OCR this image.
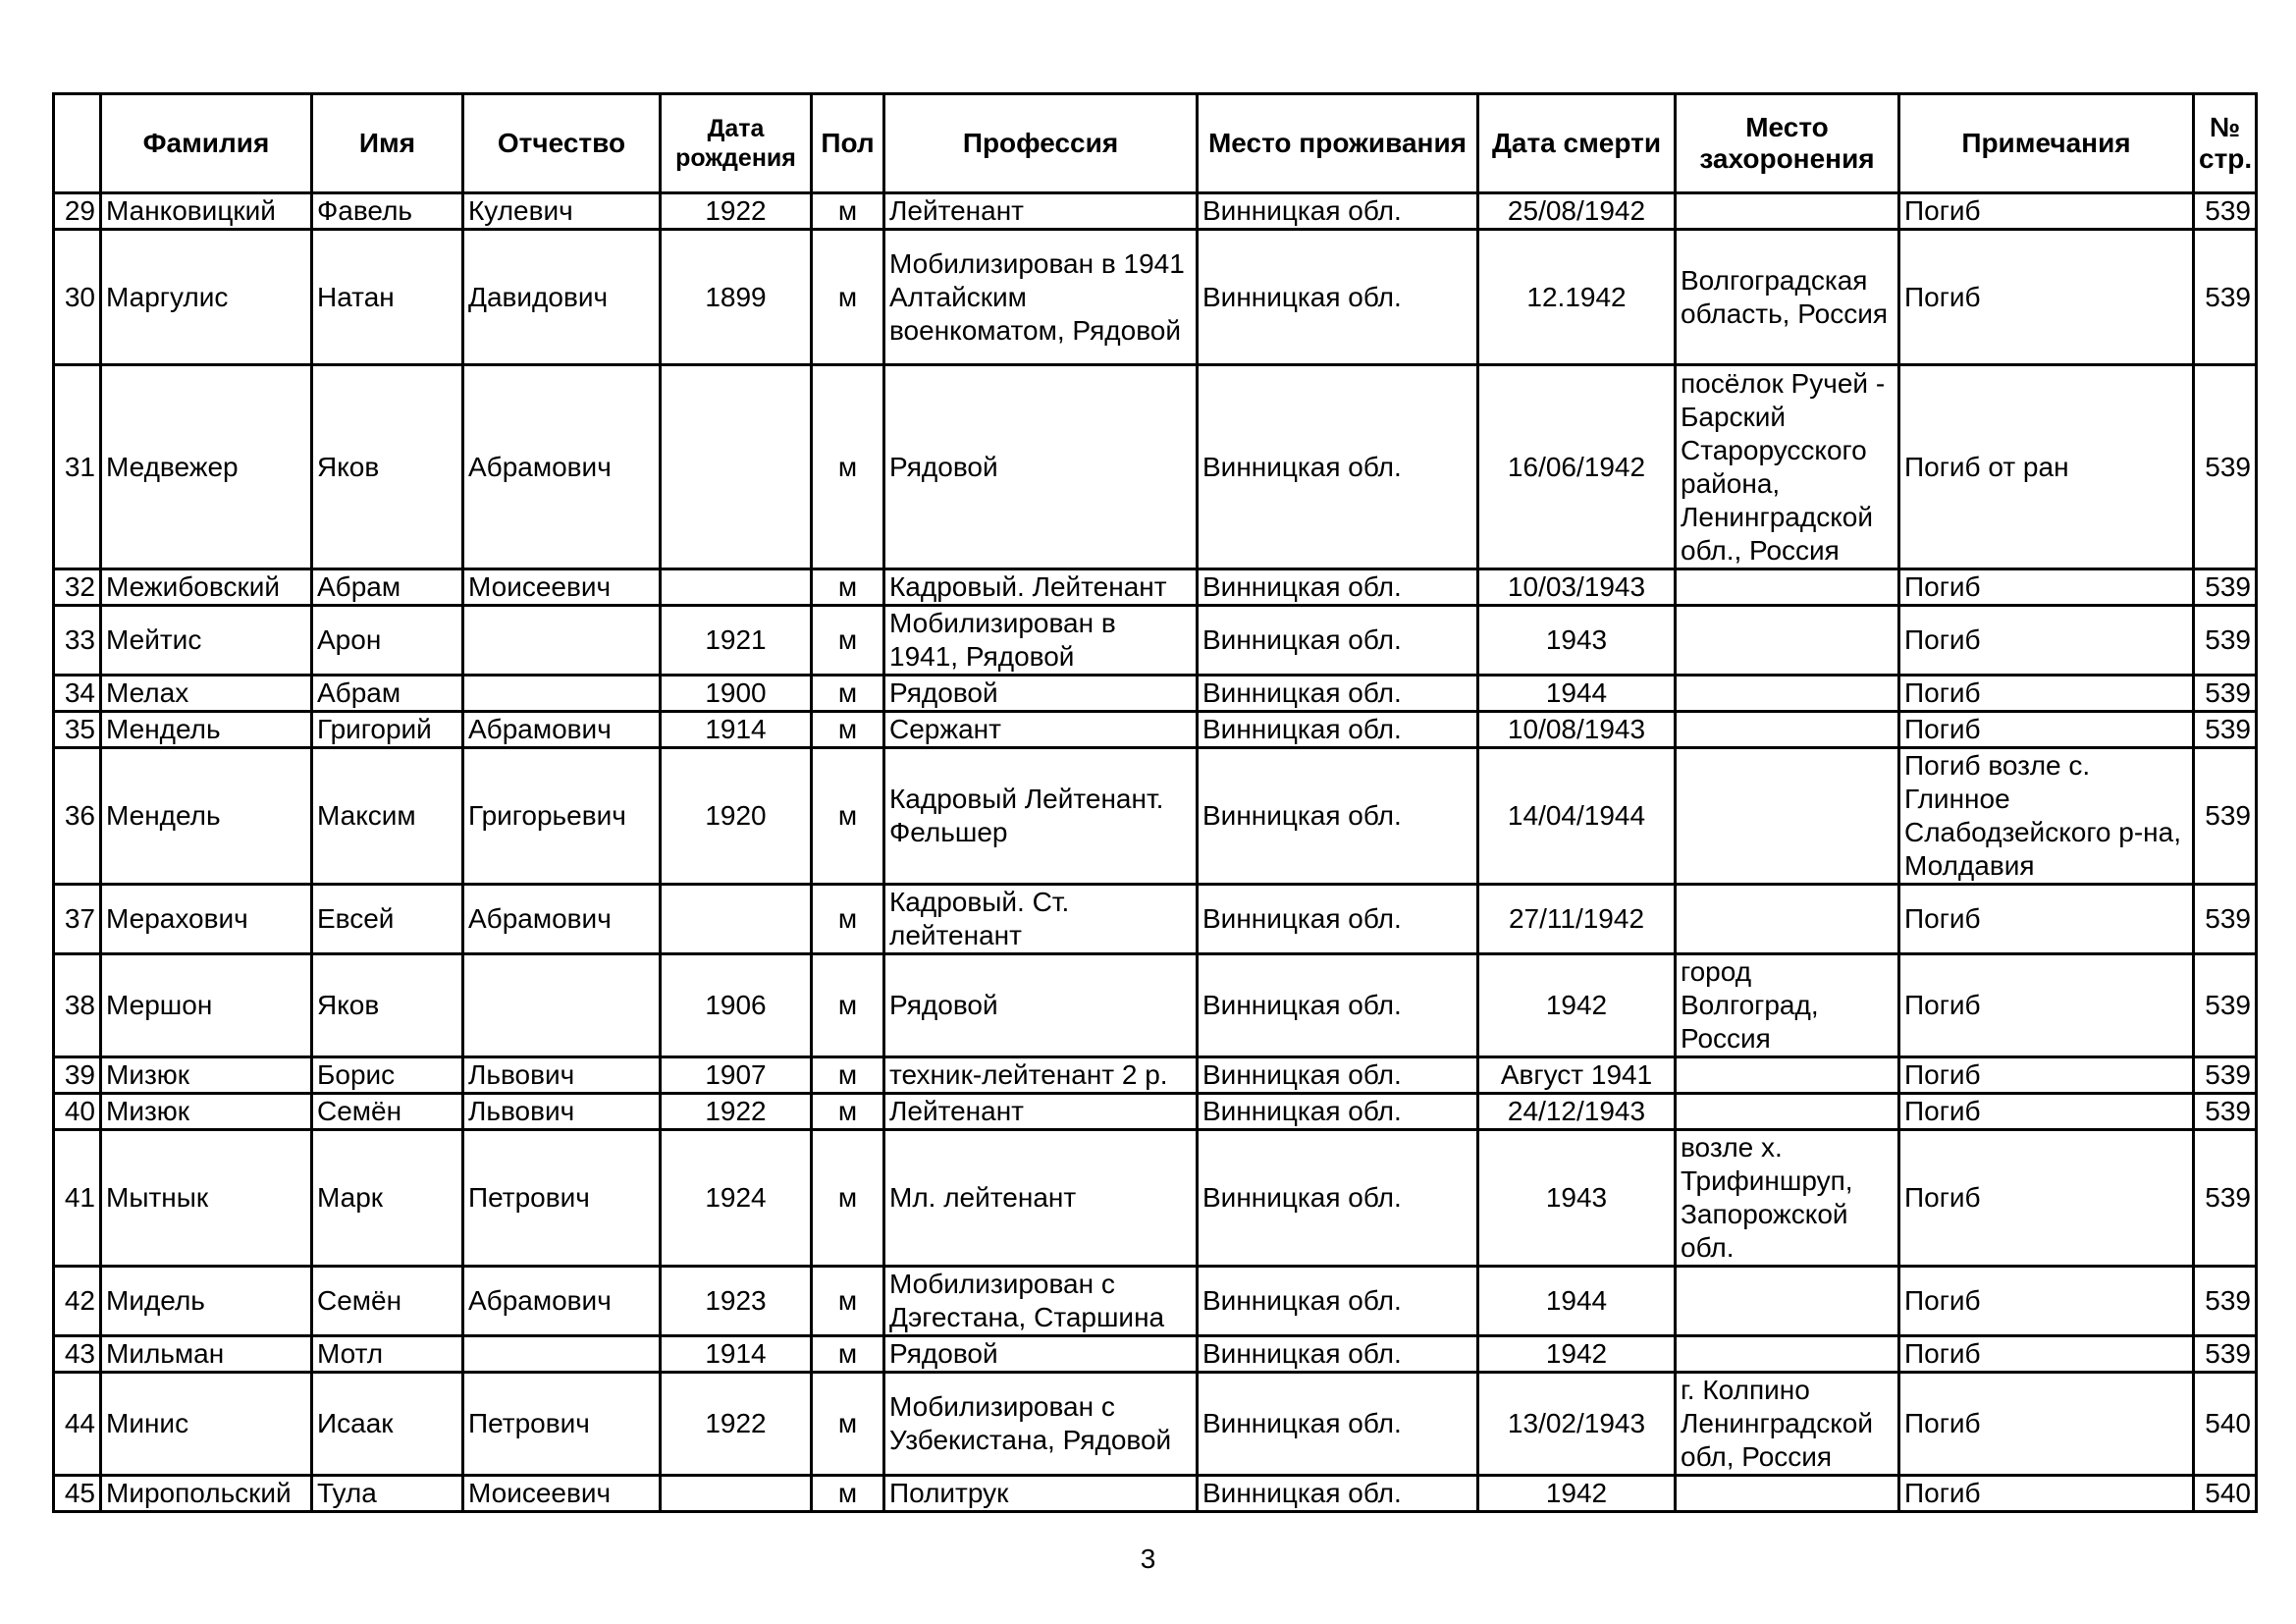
	Фамилия	Имя	Отчество	Дата рождения	Пол	Профессия	Место проживания	Дата смерти	Место захоронения	Примечания	№ стр.
29	Манковицкий	Фавель	Кулевич	1922	м	Лейтенант	Винницкая обл.	25/08/1942		Погиб	539
30	Маргулис	Натан	Давидович	1899	м	Мобилизирован в 1941 Алтайским военкоматом, Рядовой	Винницкая обл.	12.1942	Волгоградская область, Россия	Погиб	539
31	Медвежер	Яков	Абрамович		м	Рядовой	Винницкая обл.	16/06/1942	посёлок Ручей - Барский Старорусского района, Ленинградской обл., Россия	Погиб от ран	539
32	Межибовский	Абрам	Моисеевич		м	Кадровый. Лейтенант	Винницкая обл.	10/03/1943		Погиб	539
33	Мейтис	Арон		1921	м	Мобилизирован в 1941, Рядовой	Винницкая обл.	1943		Погиб	539
34	Мелах	Абрам		1900	м	Рядовой	Винницкая обл.	1944		Погиб	539
35	Мендель	Григорий	Абрамович	1914	м	Сержант	Винницкая обл.	10/08/1943		Погиб	539
36	Мендель	Максим	Григорьевич	1920	м	Кадровый Лейтенант. Фельшер	Винницкая обл.	14/04/1944		Погиб возле с. Глинное Слабодзейского р-на, Молдавия	539
37	Мерахович	Евсей	Абрамович		м	Кадровый. Ст. лейтенант	Винницкая обл.	27/11/1942		Погиб	539
38	Мершон	Яков		1906	м	Рядовой	Винницкая обл.	1942	город Волгоград, Россия	Погиб	539
39	Мизюк	Борис	Львович	1907	м	техник-лейтенант 2 р.	Винницкая обл.	Август 1941		Погиб	539
40	Мизюк	Семён	Львович	1922	м	Лейтенант	Винницкая обл.	24/12/1943		Погиб	539
41	Мытнык	Марк	Петрович	1924	м	Мл. лейтенант	Винницкая обл.	1943	возле х. Трифиншруп, Запорожской обл.	Погиб	539
42	Мидель	Семён	Абрамович	1923	м	Мобилизирован с Дэгестана, Старшина	Винницкая обл.	1944		Погиб	539
43	Мильман	Мотл		1914	м	Рядовой	Винницкая обл.	1942		Погиб	539
44	Минис	Исаак	Петрович	1922	м	Мобилизирован с Узбекистана, Рядовой	Винницкая обл.	13/02/1943	г. Колпино Ленинградской обл, Россия	Погиб	540
45	Миропольский	Тула	Моисеевич		м	Политрук	Винницкая обл.	1942		Погиб	540
3
